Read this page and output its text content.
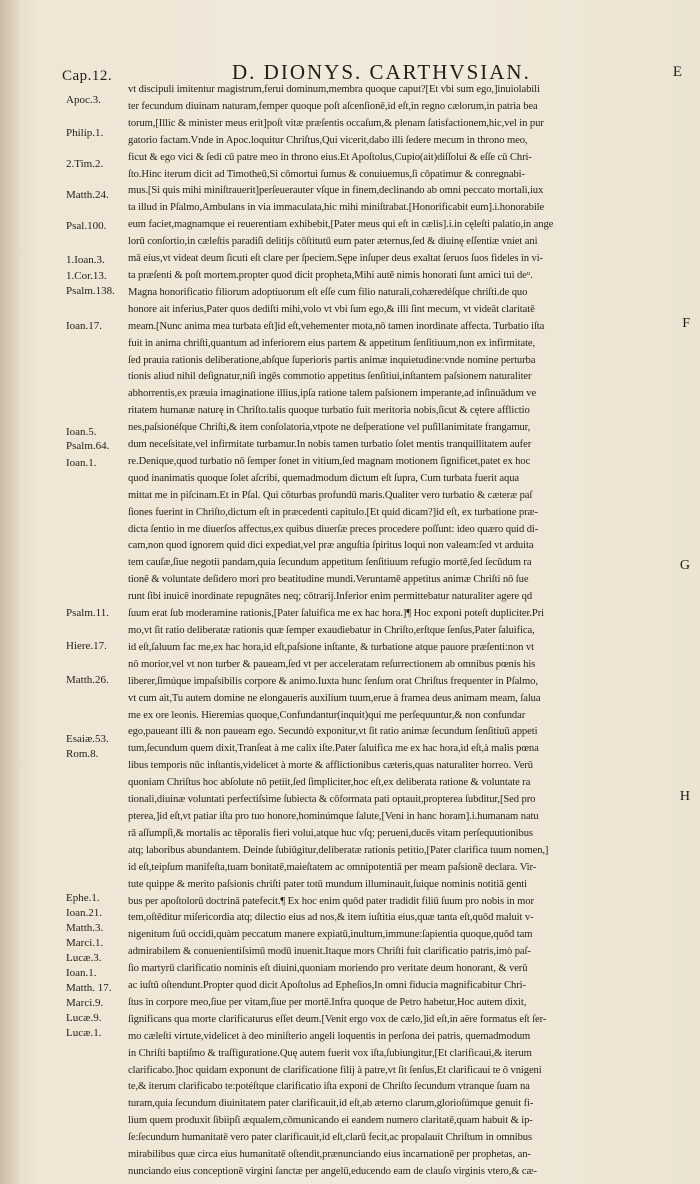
Cap.12.	D. DIONYS. CARTHVSIAN.	E
Apoc.3.
Philip.1.
2.Tim.2.
Matth.24.
Psal.100.
1.Ioan.3.
1.Cor.13.
Psalm.138.
Ioan.17.
Ioan.5.
Psalm.64.
Ioan.1.
Psalm.11.
Hiere.17.
Matth.26.
Esaiæ.53.
Rom.8.
Ephe.1.
Ioan.21.
Matth.3.
Marci.1.
Lucæ.3.
Ioan.1.
Matth. 17.
Marci.9.
Lucæ.9.
Lucæ.1.

vt discipuli imitentur magistrum,ferui dominum,membra quoque caput?[Et vbi sum ego,]inuiolabili

ter fecundum diuinam naturam,femper quoque poſt aſcenſionē,id eſt,in regno cælorum,in patria bea

torum,[Illic & minister meus erit]poſt vitæ præſentis occaſum,& plenam ſatisfactionem,hic,vel in pur

gatorio factam.Vnde in Apoc.loquitur Chriſtus,Qui vicerit,dabo illi ſedere mecum in throno meo,

ficut & ego vici & ſedi cū patre meo in throno eius.Et Apoſtolus,Cupio(ait)diſſolui & eſſe cū Chri-

ſto.Hinc iterum dicit ad Timotheū,Si cōmortui ſumus & conuiuemus,ſi cōpatimur & conregnabi-

mus.[Si quis mihi miniſtrauerit]perſeuerauter vſque in finem,declinando ab omni peccato mortali,iux

ta illud in Pſalmo,Ambulans in via immaculata,hic mihi miniſtrabat.[Honorificabit eum].i.honorabile

eum faciet,magnamque ei reuerentiam exhibebit,[Pater meus qui eſt in cælis].i.in cęleſti palatio,in ange

lorū conſortio,in cæleſtis paradiſi delitijs cōſtitutū eum pater æternus,ſed & diuinę eſſentiæ vniet ani

mā eius,vt videat deum ſicuti eſt clare per ſpeciem.Sępe inſuper deus exaltat ſeruos ſuos fideles in vi-

ta præſenti & poſt mortem.propter quod dicit propheta,Mihi autē nimis honorati ſunt amici tui deᵘ.

Magna honorificatio filiorum adoptiuorum eſt eſſe cum filio naturali,cohæredéſque chriſti.de quo

honore ait inferius,Pater quos dediſti mihi,volo vt vbi ſum ego,& illi ſint mecum, vt videāt claritatē

meam.[Nunc anima mea turbata eſt]id eſt,vehementer mota,nō tamen inordinate affecta. Turbatio iſta

fuit in anima chriſti,quantum ad inferiorem eius partem & appetitum ſenſitiuum,non ex infirmitate,

ſed prauia rationis deliberatione,abſque ſuperioris partis animæ inquietudine:vnde nomine perturba

tionis aliud nihil deſignatur,niſi ingēs commotio appetitus ſenſitiui,inſtantem paſsionem naturaliter

abhorrentis,ex præuia imaginatione illius,ipſa ratione talem paſsionem imperante,ad inſinuādum ve

ritatem humanæ naturę in Chriſto.talis quoque turbatio fuit meritoria nobis,ſicut & cętere afflictio

nes,paſsionéſque Chriſti,& item conſolatoria,vtpote ne deſperatione vel puſillanimitate frangamur,

dum neceſsitate,vel infirmitate turbamur.In nobis tamen turbatio ſolet mentis tranquillitatem aufer

re.Denique,quod turbatio nō ſemper ſonet in vitium,ſed magnam motionem ſignificet,patet ex hoc

quod inanimatis quoque ſolet aſcribi, quemadmodum dictum eſt ſupra, Cum turbata fuerit aqua

mittat me in piſcinam.Et in Pſal. Qui cōturbas profundū maris.Qualiter vero turbatio & cæteræ paſ

ſiones fuerint in Chriſto,dictum eſt in præcedenti capitulo.[Et quid dicam?]id eſt, ex turbatione præ-

dicta ſentio in me diuerſos affectus,ex quibus diuerſæ preces procedere poſſunt: ideo quæro quid di-

cam,non quod ignorem quid dici expediat,vel præ anguſtia ſpiritus loqui non valeam:ſed vt arduita

tem cauſæ,ſiue negotii pandam,quia ſecundum appetitum ſenſitiuum refugio mortē,ſed ſecūdum ra

tionē & voluntate deſidero mori pro beatitudine mundi.Veruntamē appetitus animæ Chriſti nō ſue

runt ſibi inuicē inordinate repugnātes neq; cōtrarij.Inferior enim permittebatur naturaliter agere qd

ſuum erat ſub moderamine rationis,[Pater ſaluifica me ex hac hora.]¶ Hoc exponi poteſt dupliciter.Pri

mo,vt ſit ratio deliberatæ rationis quæ ſemper exaudiebatur in Chriſto,erſtque ſenſus,Pater ſaluifica,

id eſt,ſaluum fac me,ex hac hora,id eſt,paſsione inſtante, & turbatione atque pauore præſenti:non vt

nō morior,vel vt non turber & paueam,ſed vt per acceleratam reſurrectionem ab omnibus pœnis his

liberer,ſimúque impaſsibilis corpore & animo.Iuxta hunc ſenſum orat Chriſtus frequenter in Pſalmo,

vt cum ait,Tu autem domine ne elongaueris auxilium tuum,erue à framea deus animam meam, ſalua

me ex ore leonis. Hieremias quoque,Confundantur(inquit)qui me perſequuntur,& non confundar

ego,paueant illi & non paueam ego. Secundò exponitur,vt ſit ratio animæ ſecundum ſenſitiuū appeti

tum,ſecundum quem dixit,Tranſeat à me calix iſte.Pater ſaluifica me ex hac hora,id eſt,à malis pœna

libus temporis nūc inſtantis,videlicet à morte & afflictionibus cæteris,quas naturaliter horreo. Verū

quoniam Chriſtus hoc abſolute nō petiit,ſed ſimpliciter,hoc eſt,ex deliberata ratione & voluntate ra

tionali,diuinæ voluntati perfectiſsime ſubiecta & cōformata pati optauit,propterea ſubditur,[Sed pro

pterea,]id eſt,vt patiar iſta pro tuo honore,hominúmque ſalute,[Veni in hanc horam].i.humanam natu

rā aſſumpſi,& mortalis ac tēporalis fieri volui,atque huc vſq; perueni,ducēs vitam perſequutionibus

atq; laboribus abundantem. Deinde ſubiūgitur,deliberatæ rationis petitio,[Pater clarifica tuum nomen,]

id eſt,teipſum manifeſta,tuam bonitatē,maieſtatem ac omnipotentiā per meam paſsionē declara. Vir-

tute quippe & merito paſsionis chriſti pater totū mundum illuminauit,ſuique nominis notitiā genti

bus per apoſtolorū doctrinā patefecit.¶ Ex hoc enim quōd pater tradidit filiū ſuum pro nobis in mor

tem,oſtēditur miſericordia atq; dilectio eius ad nos,& item iuſtitia eius,quæ tanta eſt,quōd maluit v-

nigenitum ſuū occidi,quàm peccatum manere expiatū,inultum,immune:ſapientia quoque,quōd tam

admirabilem & conuenientiſsimū modū inuenit.Itaque mors Chriſti fuit clarificatio patris,imò paſ-

ſio martyrū clarificatio nominis eſt diuini,quoniam moriendo pro veritate deum honorant, & verū

ac iuſtū oſtendunt.Propter quod dicit Apoſtolus ad Epheſios,In omni fiducia magnificabitur Chri-

ſtus in corpore meo,ſiue per vitam,ſiue per mortē.Infra quoque de Petro habetur,Hoc autem dixit,

ſignificans qua morte clarificaturus eſſet deum.[Venit ergo vox de cælo,]id eſt,in aëre formatus eſt ſer-

mo cæleſti virtute,videlicet à deo miniſterio angeli loquentis in perſona dei patris, quemadmodum

in Chriſti baptiſmo & traſfiguratione.Quę autem fuerit vox iſta,ſubiungitur,[Et clarificaui,& iterum

clarificabo.]hoc quidam exponunt de clarificatione filij à patre,vt ſit ſenſus,Et clarificaui te ô vnigeni

te,& iterum clarificabo te:potéſtque clarificatio iſta exponi de Chriſto ſecundum vtranque ſuam na

turam,quia ſecundum diuinitatem pater clarificauit,id eſt,ab æterno clarum,glorioſúmque genuit fi-

lium quem produxit ſibiipſi æqualem,cōmunicando ei eandem numero claritatē,quam habuit & ip-

ſe:ſecundum humanitatē vero pater clarificauit,id eſt,clarū fecit,ac propalauit Chriſtum in omnibus

mirabilibus quæ circa eius humanitatē oſtendit,prænunciando eius incarnationē per prophetas, an-

nunciando eius conceptionē virgini ſanctæ per angelū,educendo eam de clauſo virginis vtero,& cæ-

F
G
H
